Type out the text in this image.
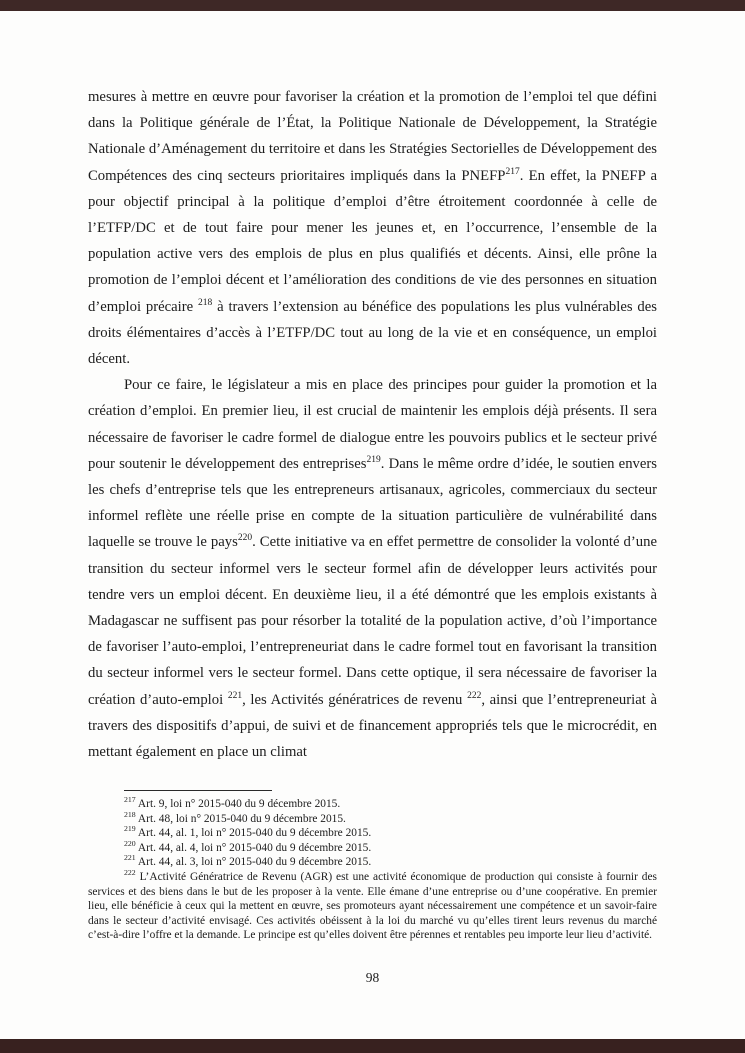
mesures à mettre en œuvre pour favoriser la création et la promotion de l’emploi tel que défini dans la Politique générale de l’État, la Politique Nationale de Développement, la Stratégie Nationale d’Aménagement du territoire et dans les Stratégies Sectorielles de Développement des Compétences des cinq secteurs prioritaires impliqués dans la PNEFP$^{217}$. En effet, la PNEFP a pour objectif principal à la politique d’emploi d’être étroitement coordonnée à celle de l’ETFP/DC et de tout faire pour mener les jeunes et, en l’occurrence, l’ensemble de la population active vers des emplois de plus en plus qualifiés et décents. Ainsi, elle prône la promotion de l’emploi décent et l’amélioration des conditions de vie des personnes en situation d’emploi précaire $^{218}$ à travers l’extension au bénéfice des populations les plus vulnérables des droits élémentaires d’accès à l’ETFP/DC tout au long de la vie et en conséquence, un emploi décent.

Pour ce faire, le législateur a mis en place des principes pour guider la promotion et la création d’emploi. En premier lieu, il est crucial de maintenir les emplois déjà présents. Il sera nécessaire de favoriser le cadre formel de dialogue entre les pouvoirs publics et le secteur privé pour soutenir le développement des entreprises$^{219}$. Dans le même ordre d’idée, le soutien envers les chefs d’entreprise tels que les entrepreneurs artisanaux, agricoles, commerciaux du secteur informel reflète une réelle prise en compte de la situation particulière de vulnérabilité dans laquelle se trouve le pays$^{220}$. Cette initiative va en effet permettre de consolider la volonté d’une transition du secteur informel vers le secteur formel afin de développer leurs activités pour tendre vers un emploi décent. En deuxième lieu, il a été démontré que les emplois existants à Madagascar ne suffisent pas pour résorber la totalité de la population active, d’où l’importance de favoriser l’auto-emploi, l’entrepreneuriat dans le cadre formel tout en favorisant la transition du secteur informel vers le secteur formel. Dans cette optique, il sera nécessaire de favoriser la création d’auto-emploi $^{221}$, les Activités génératrices de revenu $^{222}$, ainsi que l’entrepreneuriat à travers des dispositifs d’appui, de suivi et de financement appropriés tels que le microcrédit, en mettant également en place un climat

$^{217}$ Art. 9, loi n° 2015-040 du 9 décembre 2015.
$^{218}$ Art. 48, loi n° 2015-040 du 9 décembre 2015.
$^{219}$ Art. 44, al. 1, loi n° 2015-040 du 9 décembre 2015.
$^{220}$ Art. 44, al. 4, loi n° 2015-040 du 9 décembre 2015.
$^{221}$ Art. 44, al. 3, loi n° 2015-040 du 9 décembre 2015.
$^{222}$ L’Activité Génératrice de Revenu (AGR) est une activité économique de production qui consiste à fournir des services et des biens dans le but de les proposer à la vente. Elle émane d’une entreprise ou d’une coopérative. En premier lieu, elle bénéficie à ceux qui la mettent en œuvre, ses promoteurs ayant nécessairement une compétence et un savoir-faire dans le secteur d’activité envisagé. Ces activités obéissent à la loi du marché vu qu’elles tirent leurs revenus du marché c’est-à-dire l’offre et la demande. Le principe est qu’elles doivent être pérennes et rentables peu importe leur lieu d’activité.
98
